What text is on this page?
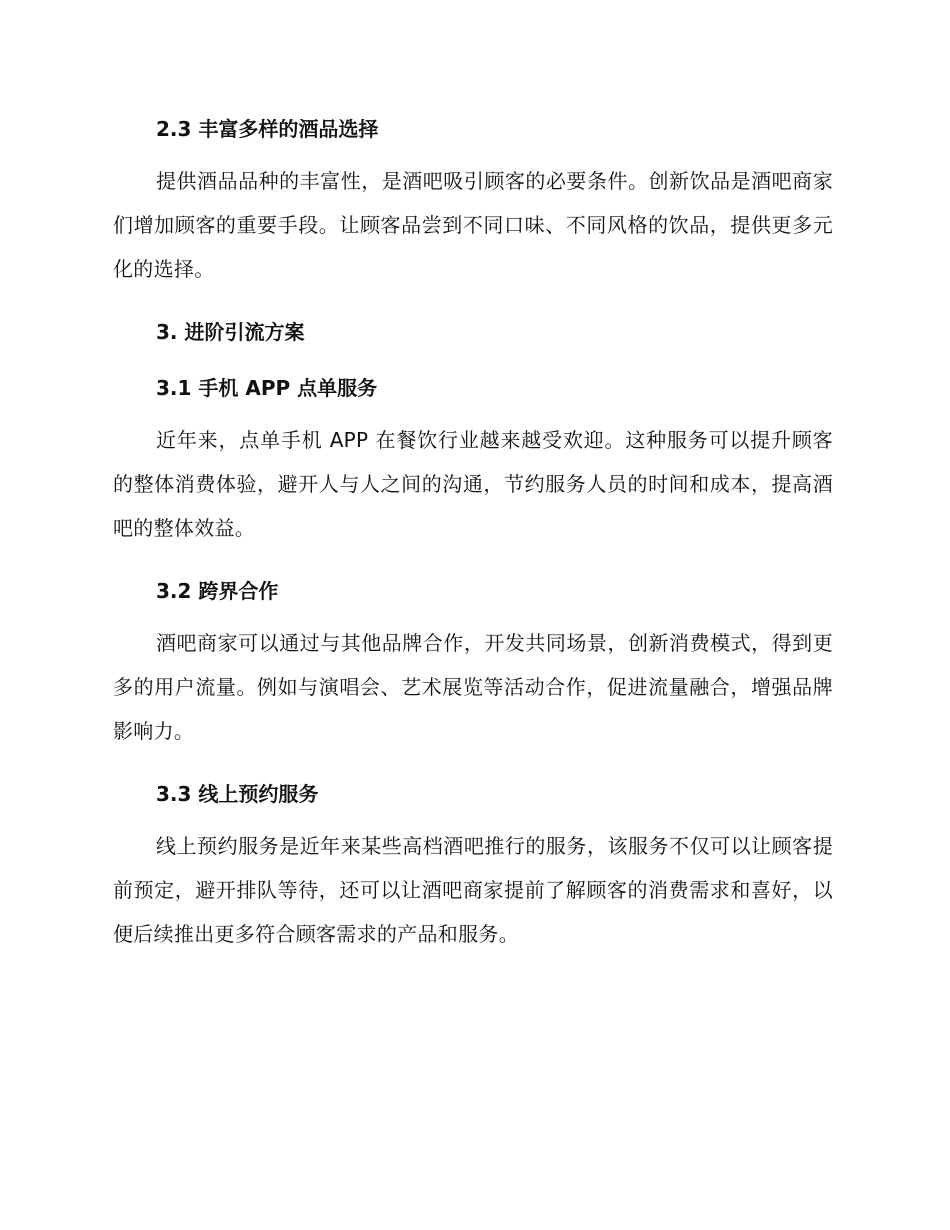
2.3 丰富多样的酒品选择

提供酒品品种的丰富性，是酒吧吸引顾客的必要条件。创新饮品是酒吧商家们增加顾客的重要手段。让顾客品尝到不同口味、不同风格的饮品，提供更多元化的选择。

3. 进阶引流方案
3.1 手机 APP 点单服务

近年来，点单手机 APP 在餐饮行业越来越受欢迎。这种服务可以提升顾客的整体消费体验，避开人与人之间的沟通，节约服务人员的时间和成本，提高酒吧的整体效益。

3.2 跨界合作

酒吧商家可以通过与其他品牌合作，开发共同场景，创新消费模式，得到更多的用户流量。例如与演唱会、艺术展览等活动合作，促进流量融合，增强品牌影响力。

3.3 线上预约服务

线上预约服务是近年来某些高档酒吧推行的服务，该服务不仅可以让顾客提前预定，避开排队等待，还可以让酒吧商家提前了解顾客的消费需求和喜好，以便后续推出更多符合顾客需求的产品和服务。
